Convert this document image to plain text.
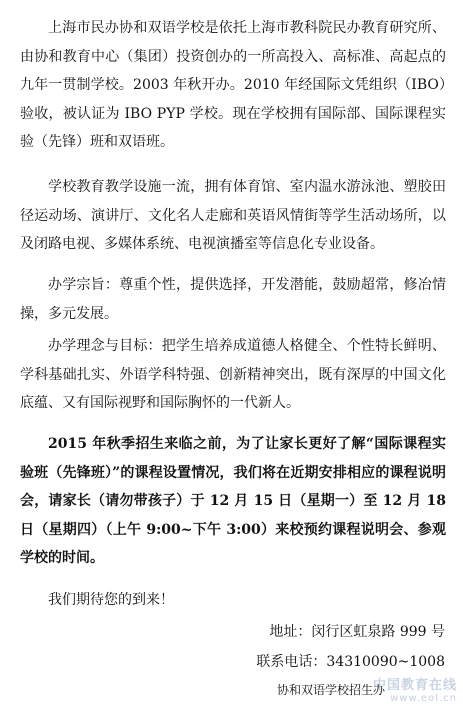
上海市民办协和双语学校是依托上海市教科院民办教育研究所、由协和教育中心（集团）投资创办的一所高投入、高标准、高起点的九年一贯制学校。2003 年秋开办。2010 年经国际文凭组织（IBO）验收，被认证为 IBO PYP 学校。现在学校拥有国际部、国际课程实验（先锋）班和双语班。

学校教育教学设施一流，拥有体育馆、室内温水游泳池、塑胶田径运动场、演讲厅、文化名人走廊和英语风情街等学生活动场所，以及闭路电视、多媒体系统、电视演播室等信息化专业设备。

办学宗旨：尊重个性，提供选择，开发潜能，鼓励超常，修冶情操，多元发展。

办学理念与目标：把学生培养成道德人格健全、个性特长鲜明、学科基础扎实、外语学科特强、创新精神突出，既有深厚的中国文化底蕴、又有国际视野和国际胸怀的一代新人。

2015 年秋季招生来临之前，为了让家长更好了解“国际课程实验班（先锋班）”的课程设置情况，我们将在近期安排相应的课程说明会，请家长（请勿带孩子）于 12 月 15 日（星期一）至 12 月 18 日（星期四）（上午 9:00~下午 3:00）来校预约课程说明会、参观学校的时间。

我们期待您的到来！

地址：闵行区虹泉路 999 号

联系电话：34310090~1008

协和双语学校招生办

中国教育在线
www.eol.cn
